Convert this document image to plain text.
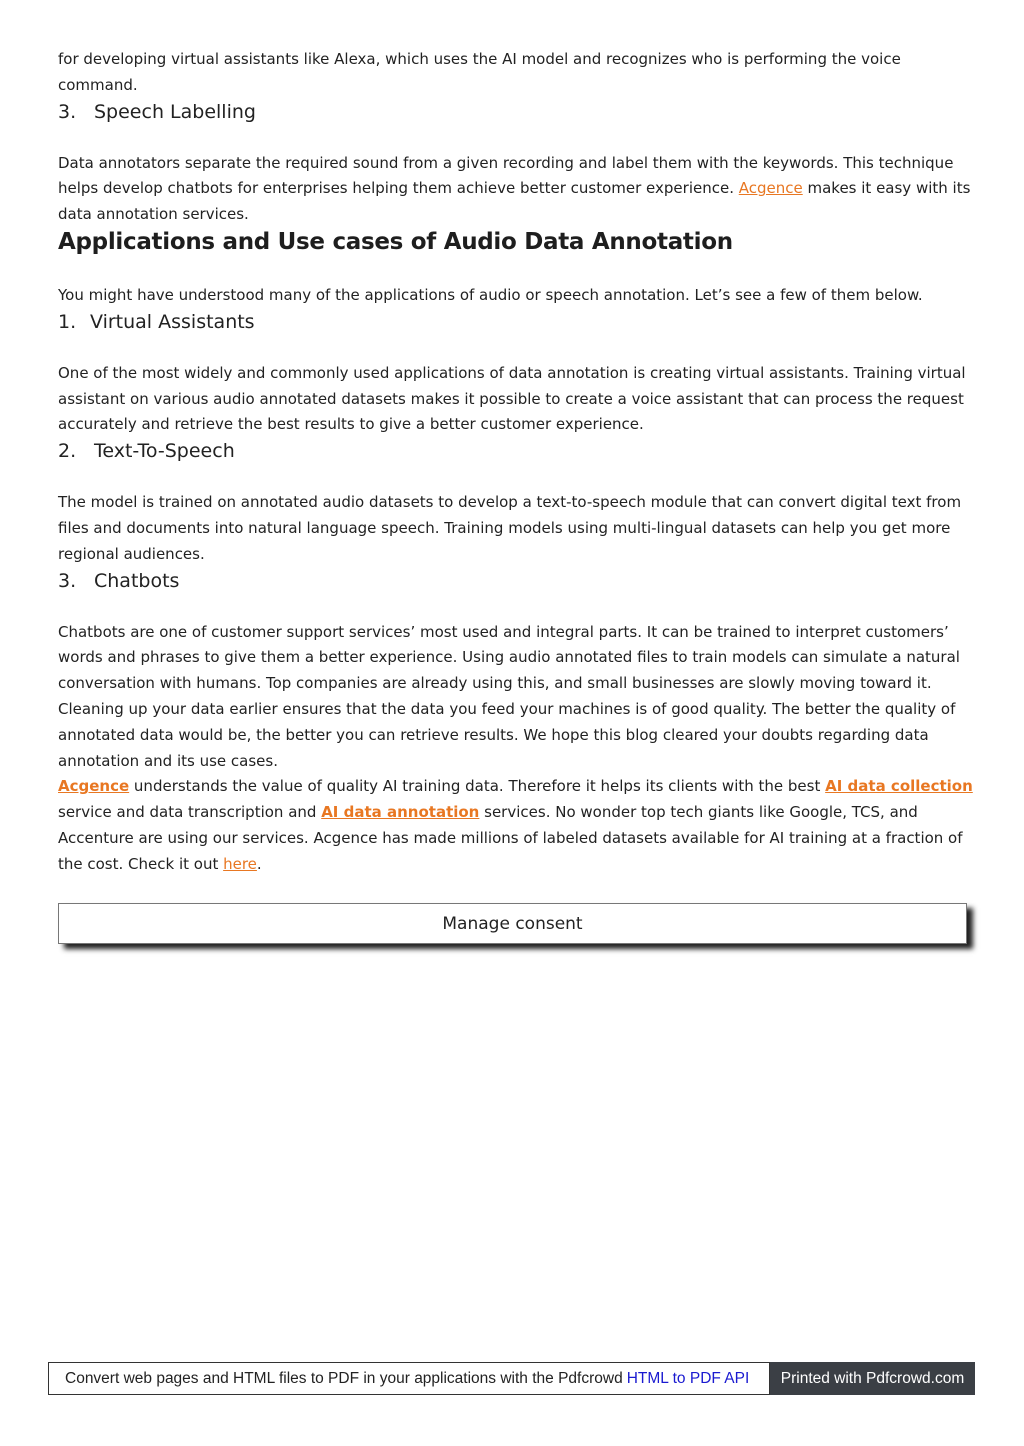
for developing virtual assistants like Alexa, which uses the AI model and recognizes who is performing the voice command.

3. Speech Labelling

Data annotators separate the required sound from a given recording and label them with the keywords. This technique helps develop chatbots for enterprises helping them achieve better customer experience. Acgence makes it easy with its data annotation services.

Applications and Use cases of Audio Data Annotation

You might have understood many of the applications of audio or speech annotation. Let’s see a few of them below.

1. Virtual Assistants

One of the most widely and commonly used applications of data annotation is creating virtual assistants. Training virtual assistant on various audio annotated datasets makes it possible to create a voice assistant that can process the request accurately and retrieve the best results to give a better customer experience.

2. Text-To-Speech

The model is trained on annotated audio datasets to develop a text-to-speech module that can convert digital text from files and documents into natural language speech. Training models using multi-lingual datasets can help you get more regional audiences.

3. Chatbots

Chatbots are one of customer support services’ most used and integral parts. It can be trained to interpret customers’ words and phrases to give them a better experience. Using audio annotated files to train models can simulate a natural conversation with humans. Top companies are already using this, and small businesses are slowly moving toward it.

Cleaning up your data earlier ensures that the data you feed your machines is of good quality. The better the quality of annotated data would be, the better you can retrieve results. We hope this blog cleared your doubts regarding data annotation and its use cases.

Acgence understands the value of quality AI training data. Therefore it helps its clients with the best AI data collection service and data transcription and AI data annotation services. No wonder top tech giants like Google, TCS, and Accenture are using our services. Acgence has made millions of labeled datasets available for AI training at a fraction of the cost. Check it out here.

Manage consent
Convert web pages and HTML files to PDF in your applications with the Pdfcrowd HTML to PDF API	Printed with Pdfcrowd.com
